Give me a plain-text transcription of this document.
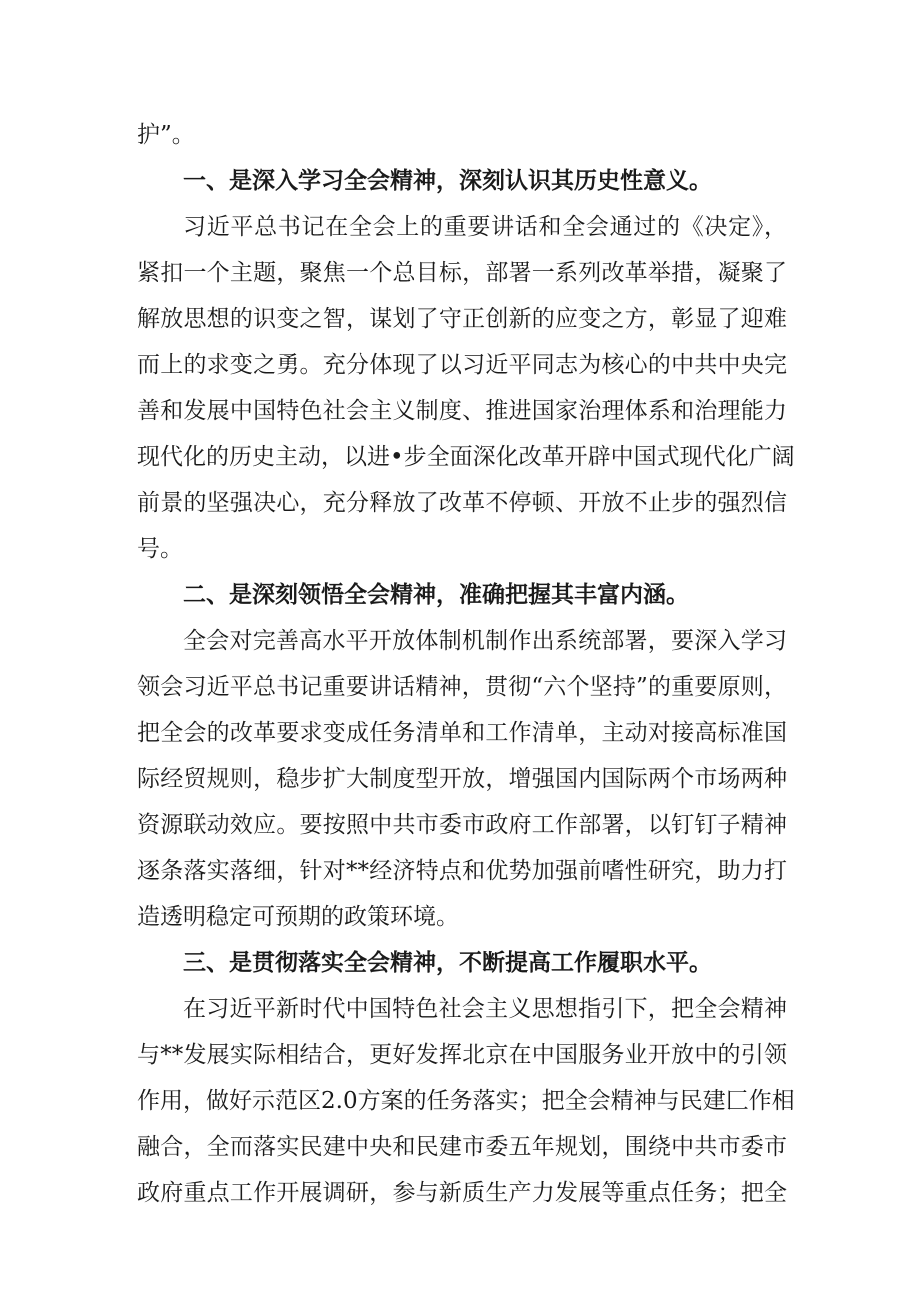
护”。
一、是深入学习全会精神，深刻认识其历史性意义。
习近平总书记在全会上的重要讲话和全会通过的《决定》，
紧扣一个主题，聚焦一个总目标，部署一系列改革举措，凝聚了
解放思想的识变之智，谋划了守正创新的应变之方，彰显了迎难
而上的求变之勇。充分体现了以习近平同志为核心的中共中央完
善和发展中国特色社会主义制度、推进国家治理体系和治理能力
现代化的历史主动，以进•步全面深化改革开辟中国式现代化广阔
前景的坚强决心，充分释放了改革不停顿、开放不止步的强烈信
号。
二、是深刻领悟全会精神，准确把握其丰富内涵。
全会对完善高水平开放体制机制作出系统部署，要深入学习
领会习近平总书记重要讲话精神，贯彻“六个坚持”的重要原则，
把全会的改革要求变成任务清单和工作清单，主动对接高标准国
际经贸规则，稳步扩大制度型开放，增强国内国际两个市场两种
资源联动效应。要按照中共市委市政府工作部署，以钉钉子精神
逐条落实落细，针对**经济特点和优势加强前嗜性研究，助力打
造透明稳定可预期的政策环境。
三、是贯彻落实全会精神，不断提高工作履职水平。
在习近平新时代中国特色社会主义思想指引下，把全会精神
与**发展实际相结合，更好发挥北京在中国服务业开放中的引领
作用，做好示范区2.0方案的任务落实；把全会精神与民建匚作相
融合，全而落实民建中央和民建市委五年规划，围绕中共市委市
政府重点工作开展调研，参与新质生产力发展等重点任务；把全
